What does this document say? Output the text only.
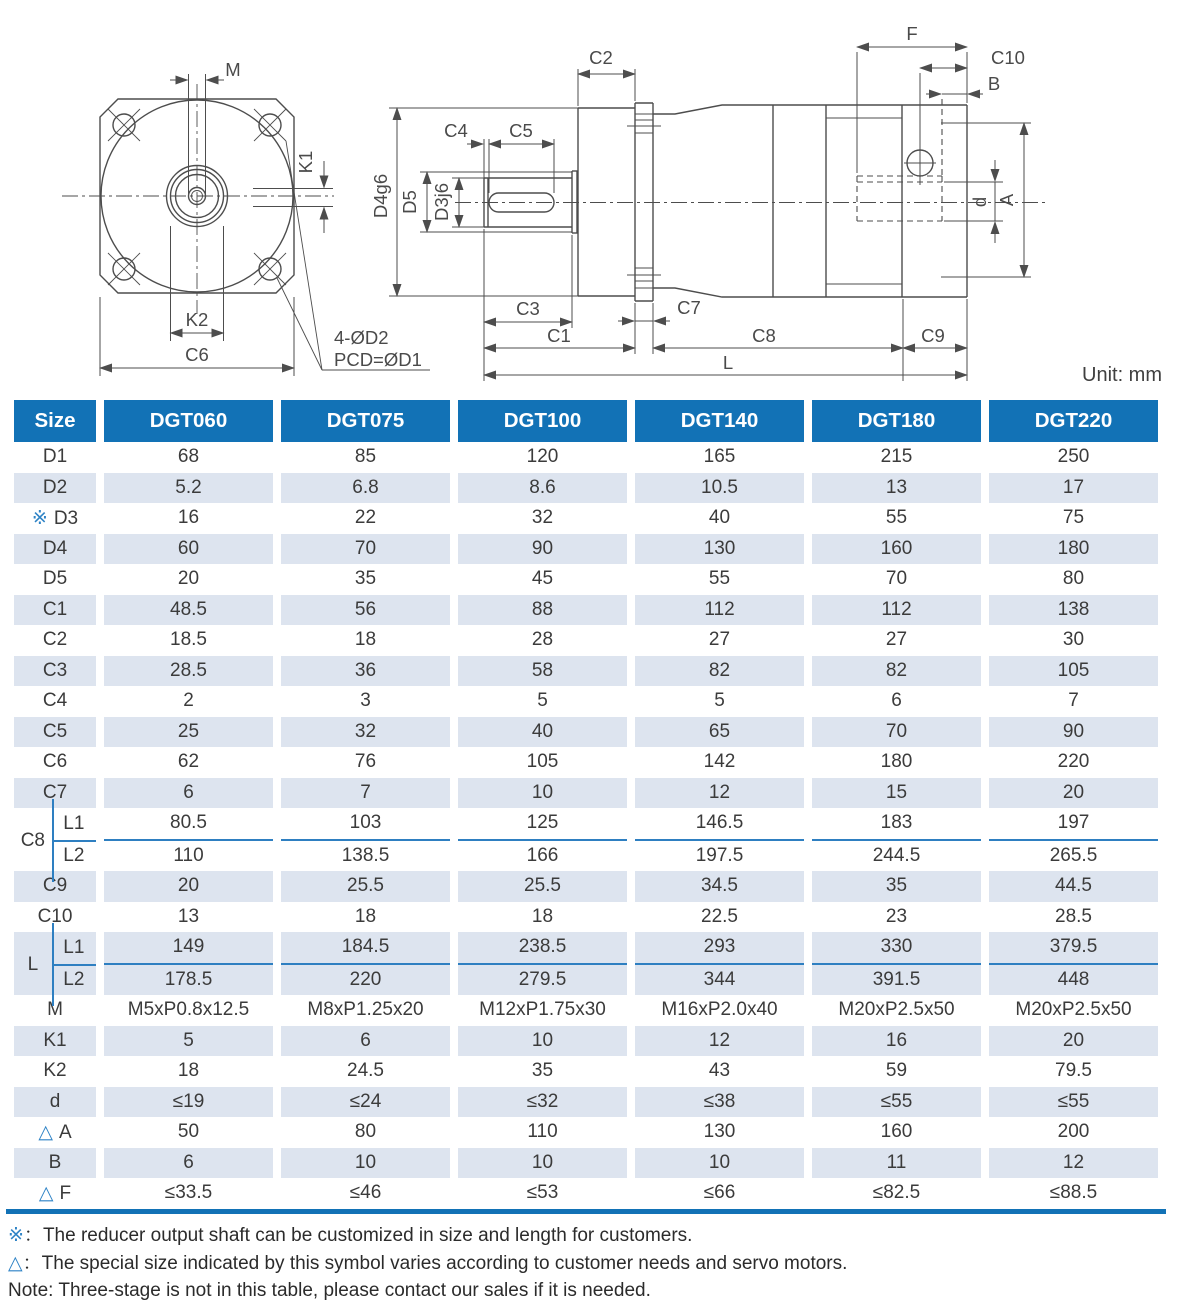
M
K1
K2
C6
4-ØD2
PCD=ØD1
D4g6 D5 D3j6
C4 C5
C2
F
C10
B
A
d
C3	C7
C1	C8	C9
L
Unit: mm
Size	DGT060	DGT075	DGT100	DGT140	DGT180	DGT220
D1	68	85	120	165	215	250
D2	5.2	6.8	8.6	10.5	13	17
※ D3	16	22	32	40	55	75
D4	60	70	90	130	160	180
D5	20	35	45	55	70	80
C1	48.5	56	88	112	112	138
C2	18.5	18	28	27	27	30
C3	28.5	36	58	82	82	105
C4	2	3	5	5	6	7
C5	25	32	40	65	70	90
C6	62	76	105	142	180	220
C7	6	7	10	12	15	20

C8
L1	80.5	103	125	146.5	183	197

L2	110	138.5	166	197.5	244.5	265.5
C9	20	25.5	25.5	34.5	35	44.5
C10	13	18	18	22.5	23	28.5

L
L1	149	184.5	238.5	293	330	379.5

L2	178.5	220	279.5	344	391.5	448
M	M5xP0.8x12.5	M8xP1.25x20	M12xP1.75x30	M16xP2.0x40	M20xP2.5x50	M20xP2.5x50
K1	5	6	10	12	16	20
K2	18	24.5	35	43	59	79.5
d	≤19	≤24	≤32	≤38	≤55	≤55
△ A	50	80	110	130	160	200
B	6	10	10	10	11	12
△ F	≤33.5	≤46	≤53	≤66	≤82.5	≤88.5
※：The reducer output shaft can be customized in size and length for customers.
△：The special size indicated by this symbol varies according to customer needs and servo motors.
Note: Three-stage is not in this table, please contact our sales if it is needed.
